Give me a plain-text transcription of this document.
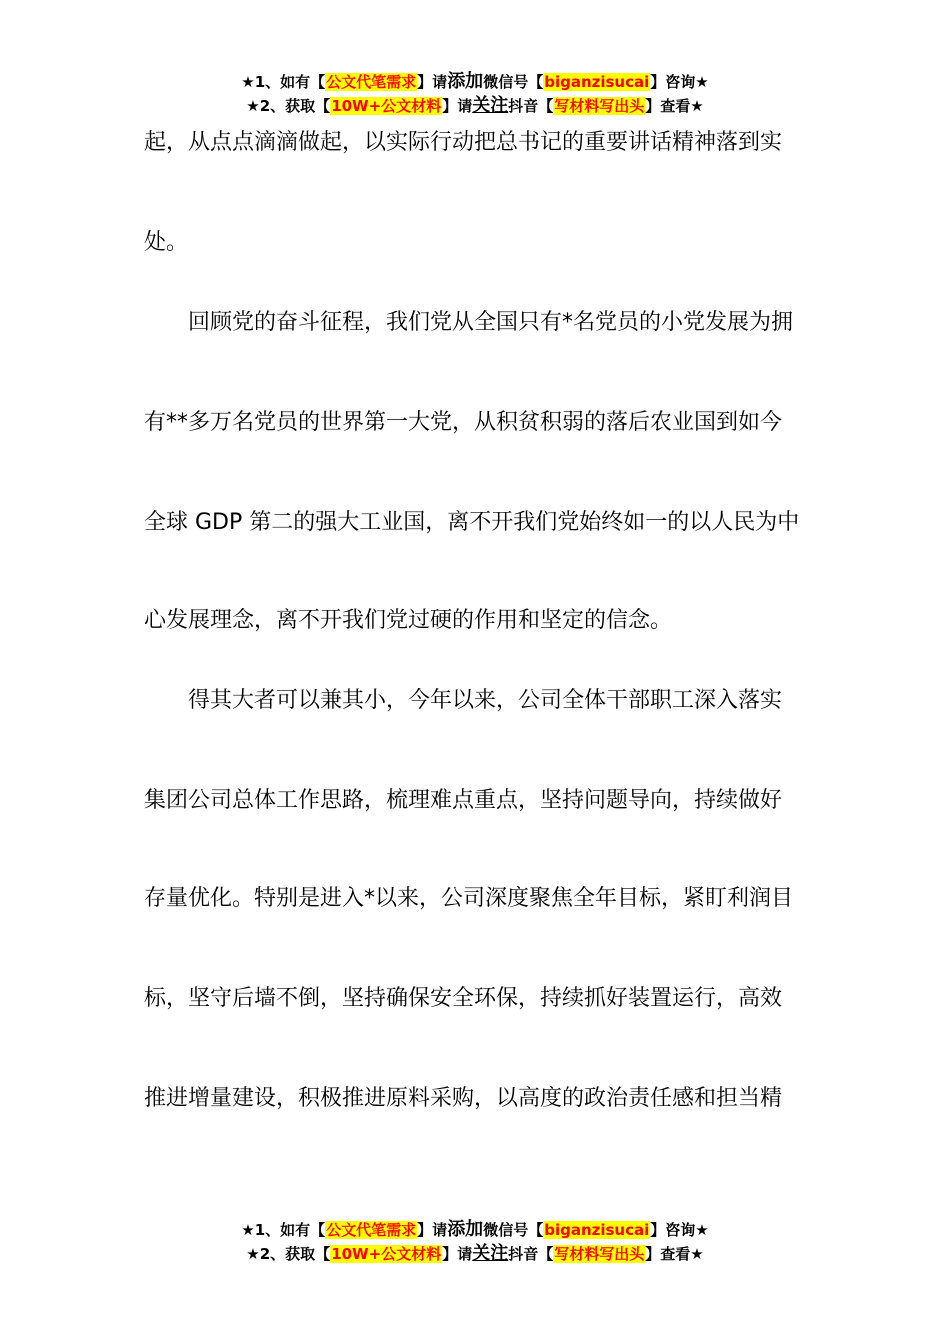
★1、如有【公文代笔需求】请添加微信号【biganzisucai】咨询★
★2、获取【10W+公文材料】请关注抖音【写材料写出头】查看★
起，从点点滴滴做起，以实际行动把总书记的重要讲话精神落到实
处。
回顾党的奋斗征程，我们党从全国只有*名党员的小党发展为拥
有**多万名党员的世界第一大党，从积贫积弱的落后农业国到如今
全球 GDP 第二的强大工业国，离不开我们党始终如一的以人民为中
心发展理念，离不开我们党过硬的作用和坚定的信念。
得其大者可以兼其小，今年以来，公司全体干部职工深入落实
集团公司总体工作思路，梳理难点重点，坚持问题导向，持续做好
存量优化。特别是进入*以来，公司深度聚焦全年目标，紧盯利润目
标，坚守后墙不倒，坚持确保安全环保，持续抓好装置运行，高效
推进增量建设，积极推进原料采购，以高度的政治责任感和担当精
★1、如有【公文代笔需求】请添加微信号【biganzisucai】咨询★
★2、获取【10W+公文材料】请关注抖音【写材料写出头】查看★
